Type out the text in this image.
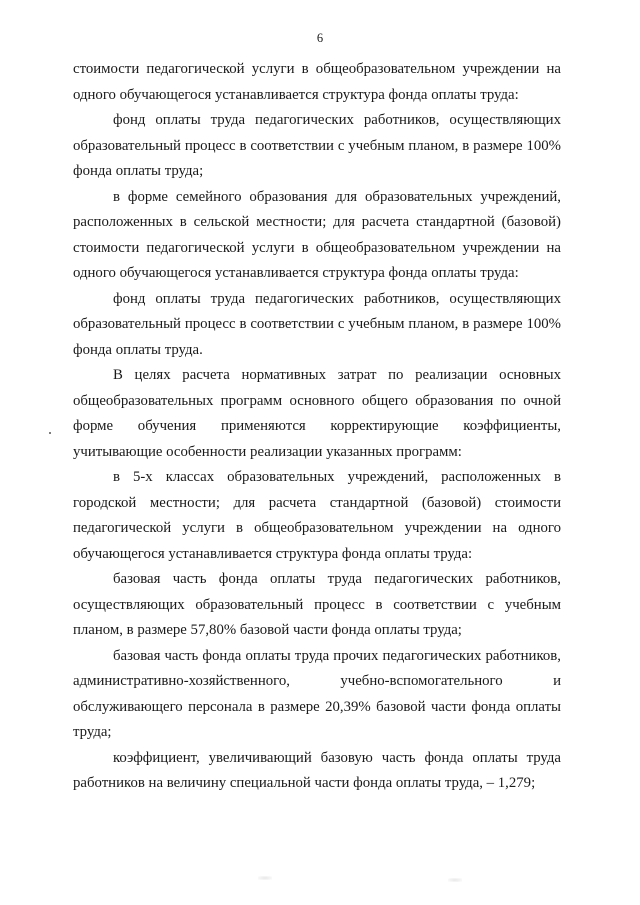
6

стоимости педагогической услуги в общеобразовательном учреждении на одного обучающегося устанавливается структура фонда оплаты труда:

фонд оплаты труда педагогических работников, осуществляющих образовательный процесс в соответствии с учебным планом, в размере 100% фонда оплаты труда;

в форме семейного образования для образовательных учреждений, расположенных в сельской местности; для расчета стандартной (базовой) стоимости педагогической услуги в общеобразовательном учреждении на одного обучающегося устанавливается структура фонда оплаты труда:

фонд оплаты труда педагогических работников, осуществляющих образовательный процесс в соответствии с учебным планом, в размере 100% фонда оплаты труда.

В целях расчета нормативных затрат по реализации основных общеобразовательных программ основного общего образования по очной форме обучения применяются корректирующие коэффициенты, учитывающие особенности реализации указанных программ:

в 5-х классах образовательных учреждений, расположенных в городской местности; для расчета стандартной (базовой) стоимости педагогической услуги в общеобразовательном учреждении на одного обучающегося устанавливается структура фонда оплаты труда:

базовая часть фонда оплаты труда педагогических работников, осуществляющих образовательный процесс в соответствии с учебным планом, в размере 57,80% базовой части фонда оплаты труда;

базовая часть фонда оплаты труда прочих педагогических работников, административно-хозяйственного, учебно-вспомогательного и обслуживающего персонала в размере 20,39% базовой части фонда оплаты труда;

коэффициент, увеличивающий базовую часть фонда оплаты труда работников на величину специальной части фонда оплаты труда, – 1,279;
